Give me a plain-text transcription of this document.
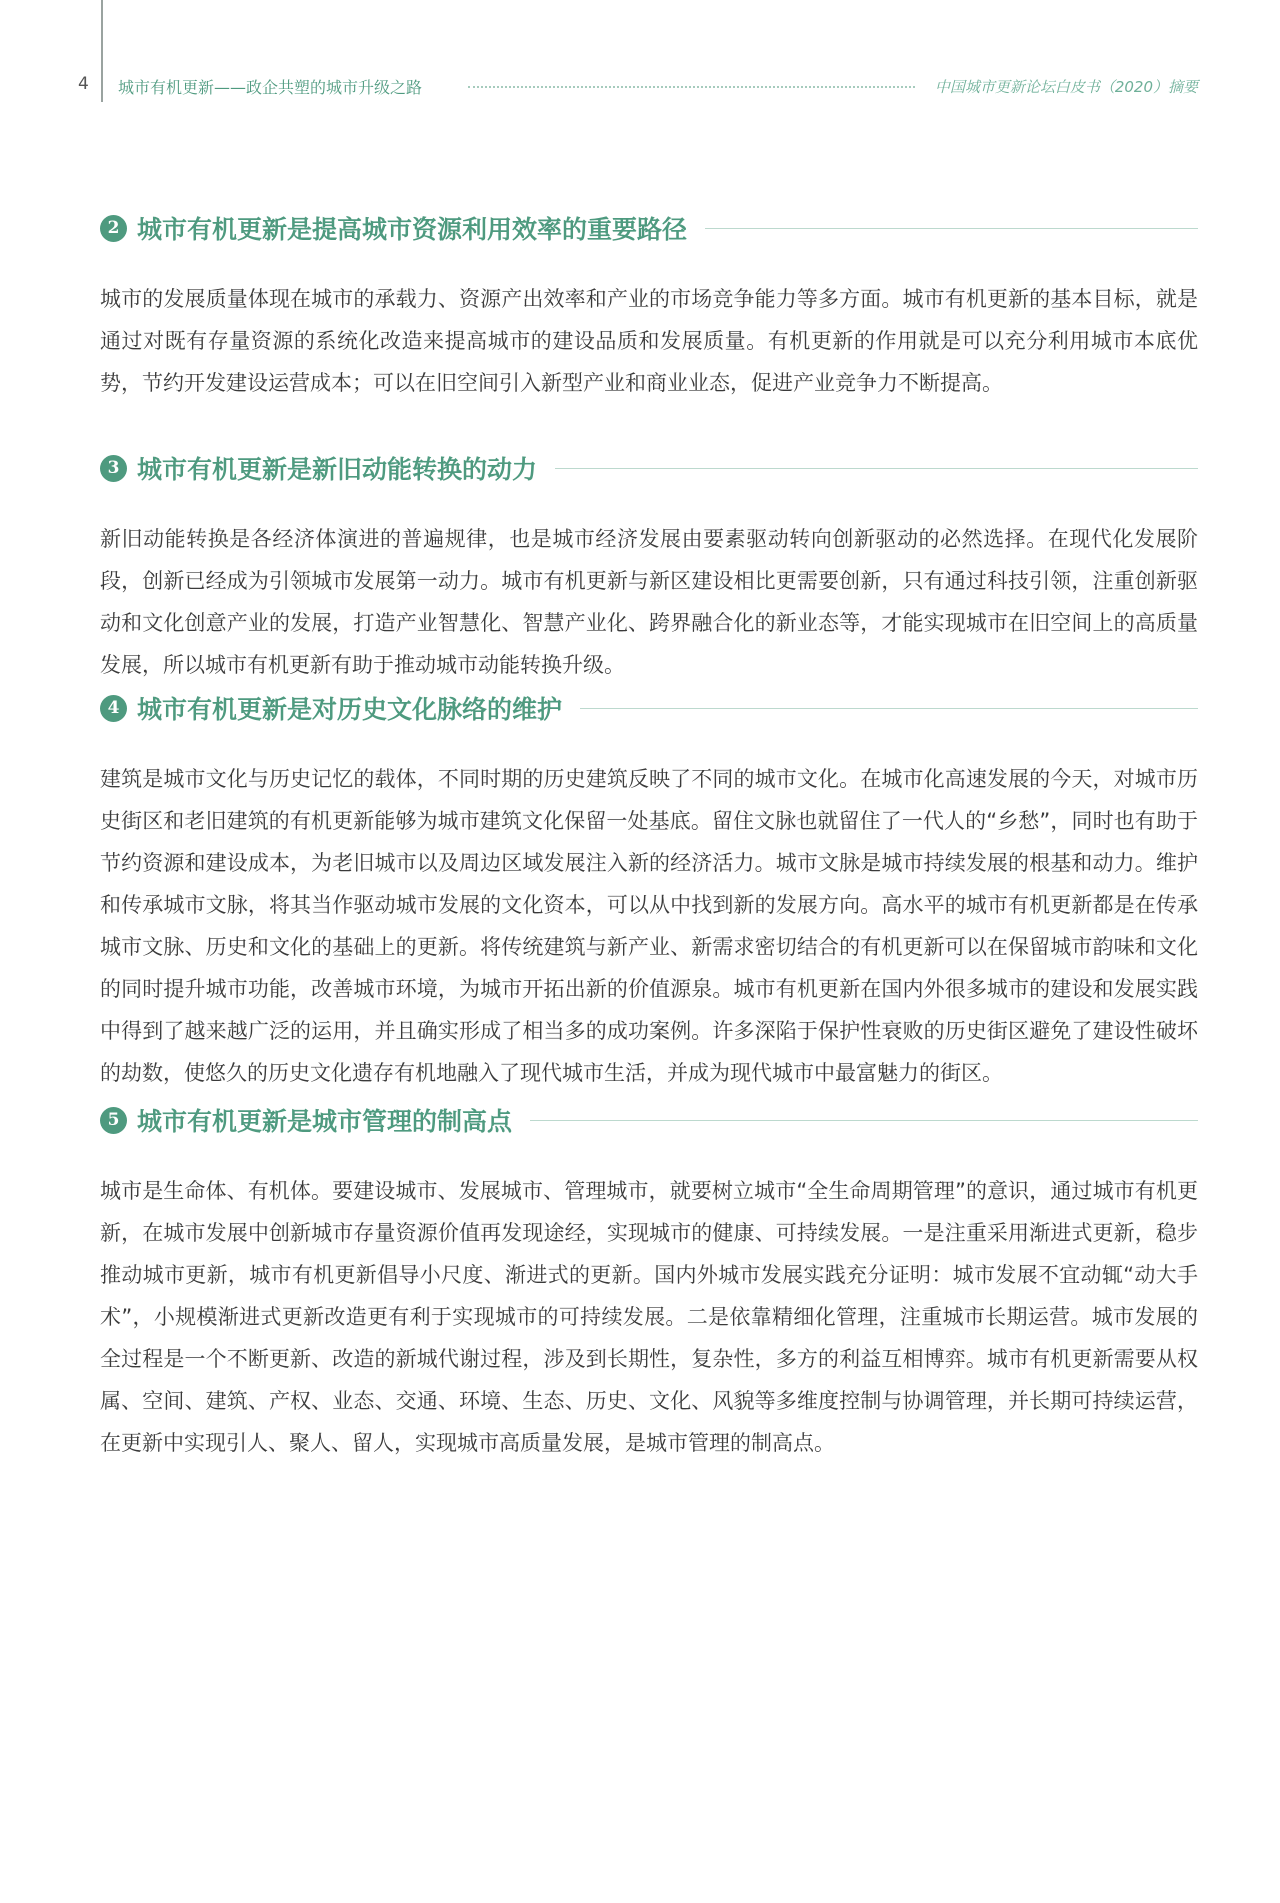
4 城市有机更新——政企共塑的城市升级之路	中国城市更新论坛白皮书（2020）摘要
2 城市有机更新是提高城市资源利用效率的重要路径

城市的发展质量体现在城市的承载力、资源产出效率和产业的市场竞争能力等多方面。城市有机更新的基本目标，就是通过对既有存量资源的系统化改造来提高城市的建设品质和发展质量。有机更新的作用就是可以充分利用城市本底优势，节约开发建设运营成本；可以在旧空间引入新型产业和商业业态，促进产业竞争力不断提高。

3 城市有机更新是新旧动能转换的动力

新旧动能转换是各经济体演进的普遍规律，也是城市经济发展由要素驱动转向创新驱动的必然选择。在现代化发展阶段，创新已经成为引领城市发展第一动力。城市有机更新与新区建设相比更需要创新，只有通过科技引领，注重创新驱动和文化创意产业的发展，打造产业智慧化、智慧产业化、跨界融合化的新业态等，才能实现城市在旧空间上的高质量发展，所以城市有机更新有助于推动城市动能转换升级。

4 城市有机更新是对历史文化脉络的维护

建筑是城市文化与历史记忆的载体，不同时期的历史建筑反映了不同的城市文化。在城市化高速发展的今天，对城市历史街区和老旧建筑的有机更新能够为城市建筑文化保留一处基底。留住文脉也就留住了一代人的“乡愁”，同时也有助于节约资源和建设成本，为老旧城市以及周边区域发展注入新的经济活力。城市文脉是城市持续发展的根基和动力。维护和传承城市文脉，将其当作驱动城市发展的文化资本，可以从中找到新的发展方向。高水平的城市有机更新都是在传承城市文脉、历史和文化的基础上的更新。将传统建筑与新产业、新需求密切结合的有机更新可以在保留城市韵味和文化的同时提升城市功能，改善城市环境，为城市开拓出新的价值源泉。城市有机更新在国内外很多城市的建设和发展实践中得到了越来越广泛的运用，并且确实形成了相当多的成功案例。许多深陷于保护性衰败的历史街区避免了建设性破坏的劫数，使悠久的历史文化遗存有机地融入了现代城市生活，并成为现代城市中最富魅力的街区。

5 城市有机更新是城市管理的制高点

城市是生命体、有机体。要建设城市、发展城市、管理城市，就要树立城市“全生命周期管理”的意识，通过城市有机更新，在城市发展中创新城市存量资源价值再发现途经，实现城市的健康、可持续发展。一是注重采用渐进式更新，稳步推动城市更新，城市有机更新倡导小尺度、渐进式的更新。国内外城市发展实践充分证明：城市发展不宜动辄“动大手术”，小规模渐进式更新改造更有利于实现城市的可持续发展。二是依靠精细化管理，注重城市长期运营。城市发展的全过程是一个不断更新、改造的新城代谢过程，涉及到长期性，复杂性，多方的利益互相博弈。城市有机更新需要从权属、空间、建筑、产权、业态、交通、环境、生态、历史、文化、风貌等多维度控制与协调管理，并长期可持续运营，在更新中实现引人、聚人、留人，实现城市高质量发展，是城市管理的制高点。
